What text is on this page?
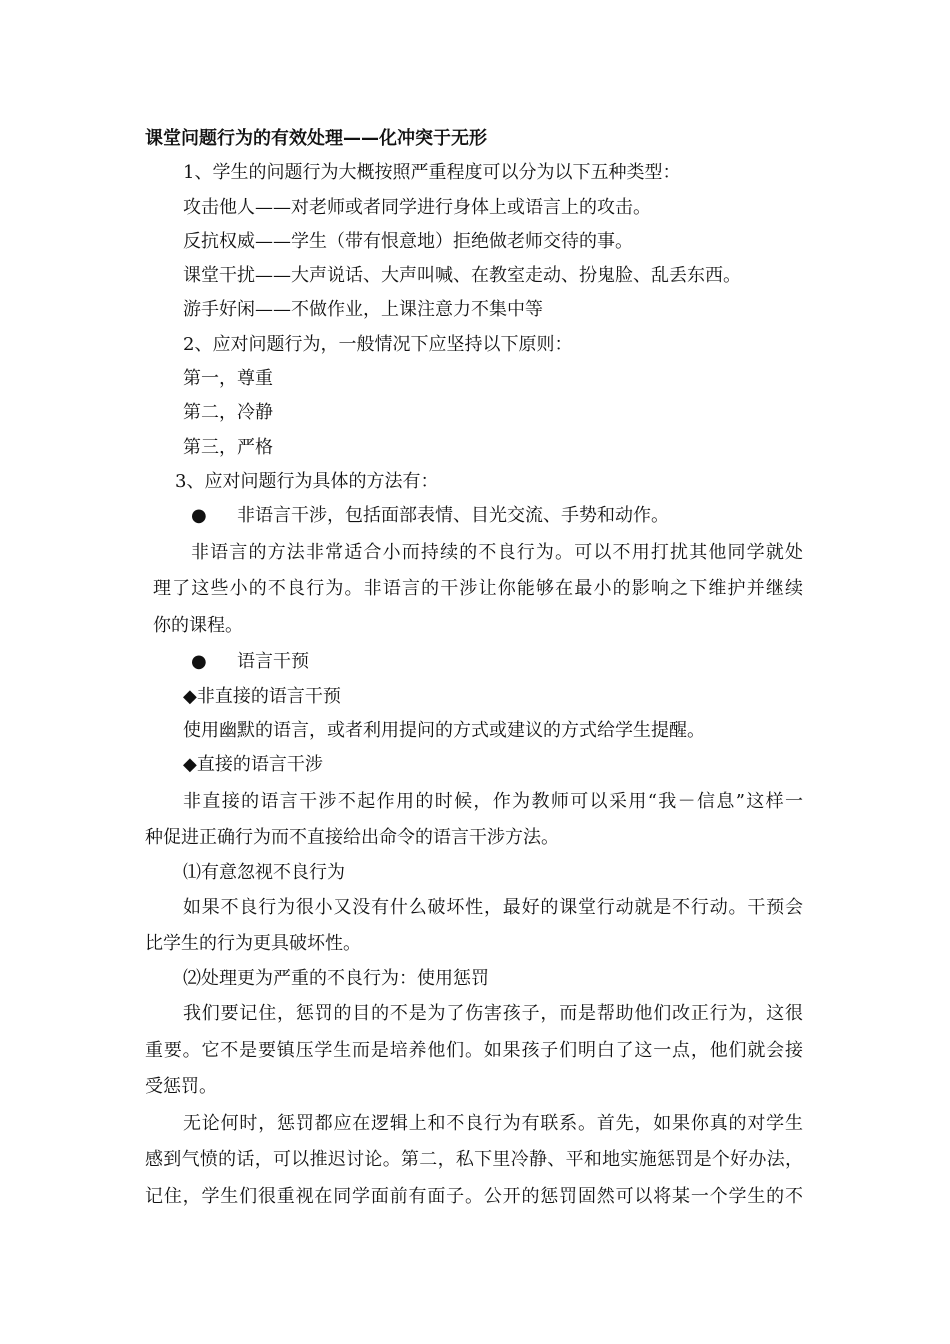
课堂问题行为的有效处理——化冲突于无形
1、学生的问题行为大概按照严重程度可以分为以下五种类型：
攻击他人——对老师或者同学进行身体上或语言上的攻击。
反抗权威——学生（带有恨意地）拒绝做老师交待的事。
课堂干扰——大声说话、大声叫喊、在教室走动、扮鬼脸、乱丢东西。
游手好闲——不做作业，上课注意力不集中等
2、应对问题行为，一般情况下应坚持以下原则：
第一，尊重
第二，冷静
第三，严格
3、应对问题行为具体的方法有：
● 非语言干涉，包括面部表情、目光交流、手势和动作。
非语言的方法非常适合小而持续的不良行为。可以不用打扰其他同学就处
理了这些小的不良行为。非语言的干涉让你能够在最小的影响之下维护并继续
你的课程。
● 语言干预
◆非直接的语言干预
使用幽默的语言，或者利用提问的方式或建议的方式给学生提醒。
◆直接的语言干涉
非直接的语言干涉不起作用的时候，作为教师可以采用“我－信息”这样一
种促进正确行为而不直接给出命令的语言干涉方法。
⑴有意忽视不良行为
如果不良行为很小又没有什么破坏性，最好的课堂行动就是不行动。干预会
比学生的行为更具破坏性。
⑵处理更为严重的不良行为：使用惩罚
我们要记住，惩罚的目的不是为了伤害孩子，而是帮助他们改正行为，这很
重要。它不是要镇压学生而是培养他们。如果孩子们明白了这一点，他们就会接
受惩罚。
无论何时，惩罚都应在逻辑上和不良行为有联系。首先，如果你真的对学生
感到气愤的话，可以推迟讨论。第二，私下里冷静、平和地实施惩罚是个好办法，
记住，学生们很重视在同学面前有面子。公开的惩罚固然可以将某一个学生的不
